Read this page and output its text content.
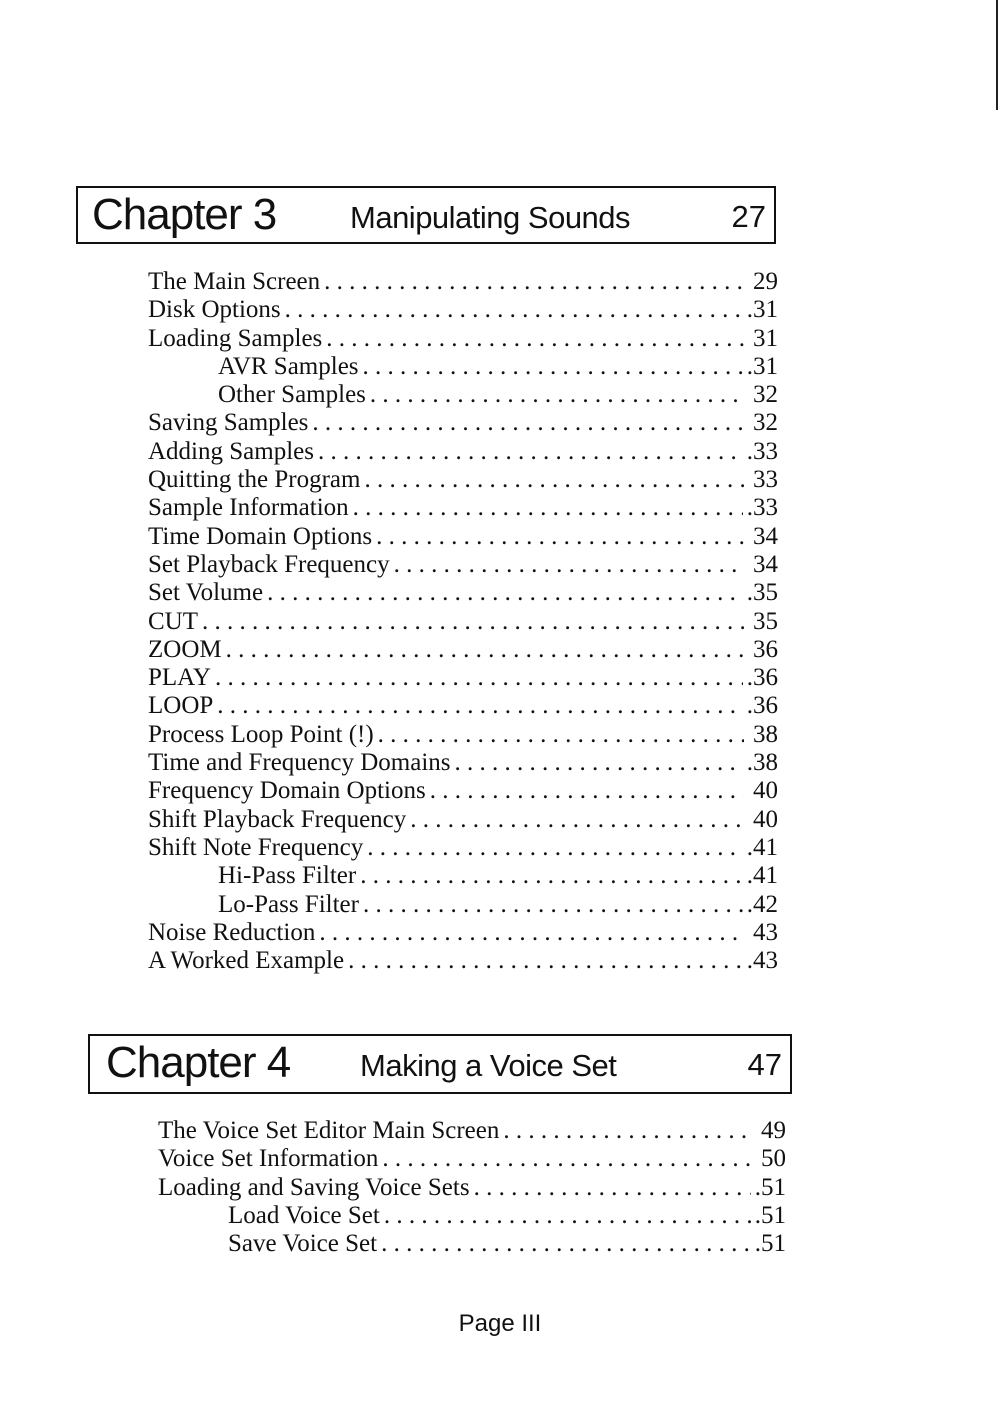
Chapter 3 Manipulating Sounds	27
The Main Screen . . .	29
Disk Options . . .	.31
Loading Samples . . .	31
AVR Samples . . .	.31
Other Samples . . .	32
Saving Samples . . .	32
Adding Samples . . .	.33
Quitting the Program . . .	33
Sample Information . . .	.33
Time Domain Options . . .	34
Set Playback Frequency . . .	34
Set Volume . . .	.35
CUT . . .	35
ZOOM . . .	36
PLAY . . .	.36
LOOP . . .	.36
Process Loop Point (!) . . .	38
Time and Frequency Domains . . .	.38
Frequency Domain Options . . .	40
Shift Playback Frequency . . .	40
Shift Note Frequency . . .	.41
Hi-Pass Filter . . .	.41
Lo-Pass Filter . . .	.42
Noise Reduction . . .	43
A Worked Example . . .	.43
Chapter 4 Making a Voice Set	47
The Voice Set Editor Main Screen . . .	49
Voice Set Information . . .	50
Loading and Saving Voice Sets . . .	.51
Load Voice Set . . .	.51
Save Voice Set . . .	.51
Page III
